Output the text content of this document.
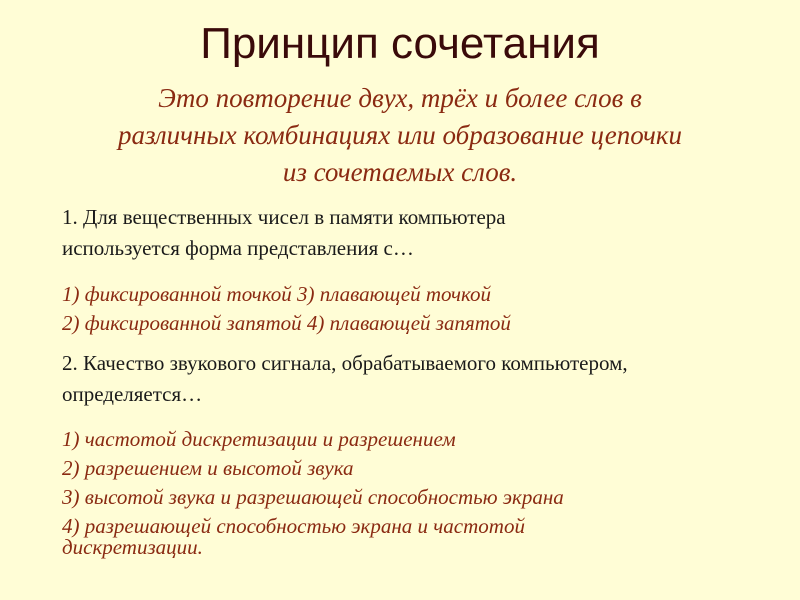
Принцип сочетания
Это повторение двух, трёх и более слов в
различных комбинациях или образование цепочки
из сочетаемых слов.
1. Для вещественных чисел в памяти компьютера
используется форма представления с…
1) фиксированной точкой 3) плавающей точкой
2) фиксированной запятой 4) плавающей запятой
2. Качество звукового сигнала, обрабатываемого компьютером,
определяется…
1) частотой дискретизации и разрешением
2) разрешением и высотой звука
3) высотой звука и разрешающей способностью экрана
4) разрешающей способностью экрана и частотой
дискретизации.
